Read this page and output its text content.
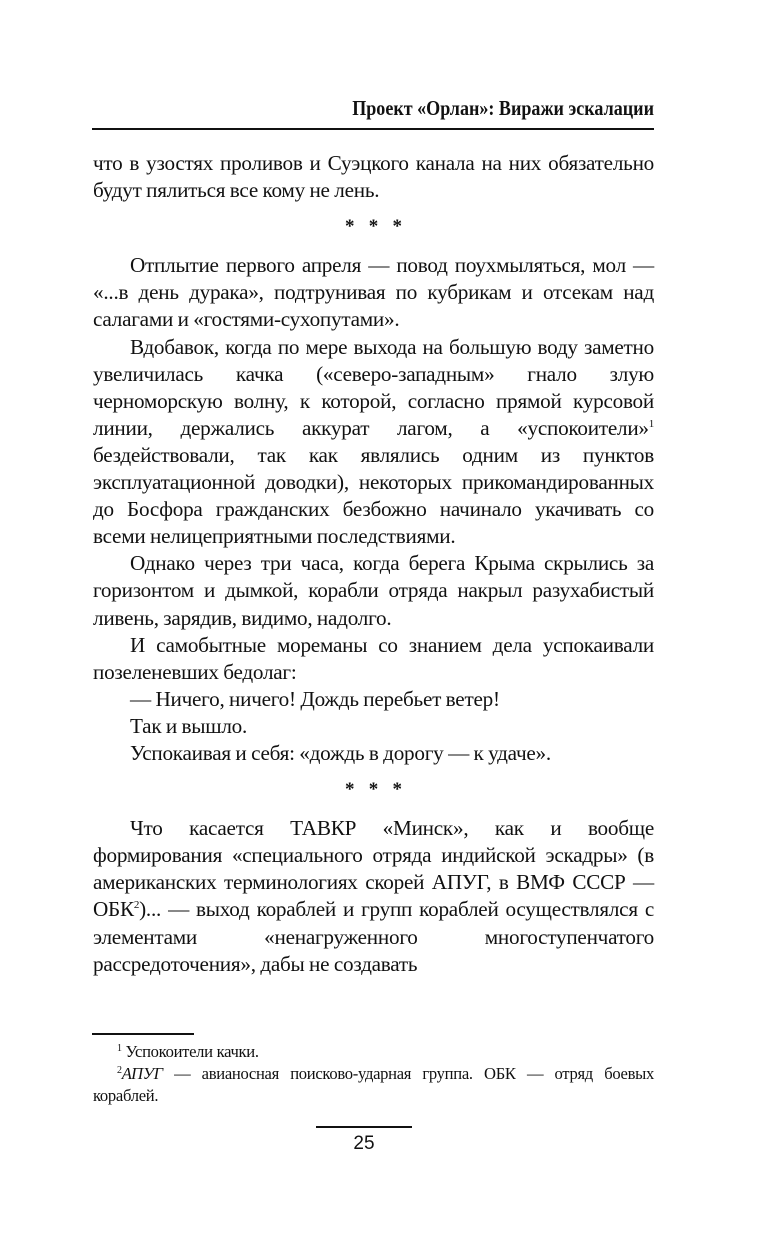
Проект «Орлан»: Виражи эскалации

что в узостях проливов и Суэцкого канала на них обязательно будут пялиться все кому не лень.

* * *

Отплытие первого апреля — повод поухмыляться, мол — «...в день дурака», подтрунивая по кубрикам и отсекам над салагами и «гостями-сухопутами».

Вдобавок, когда по мере выхода на большую воду заметно увеличилась качка («северо-западным» гнало злую черноморскую волну, к которой, согласно прямой курсовой линии, держались аккурат лагом, а «успокоители»$^1$ бездействовали, так как являлись одним из пунктов эксплуатационной доводки), некоторых прикомандированных до Босфора гражданских безбожно начинало укачивать со всеми нелицеприятными последствиями.

Однако через три часа, когда берега Крыма скрылись за горизонтом и дымкой, корабли отряда накрыл разухабистый ливень, зарядив, видимо, надолго.

И самобытные мореманы со знанием дела успокаивали позеленевших бедолаг:

— Ничего, ничего! Дождь перебьет ветер!

Так и вышло.

Успокаивая и себя: «дождь в дорогу — к удаче».

* * *

Что касается ТАВКР «Минск», как и вообще формирования «специального отряда индийской эскадры» (в американских терминологиях скорей АПУГ, в ВМФ СССР — ОБК$^2$)... — выход кораблей и групп кораблей осуществлялся с элементами «ненагруженного многоступенчатого рассредоточения», дабы не создавать

$^1$ Успокоители качки.

$^2$АПУГ — авианосная поисково-ударная группа. ОБК — отряд боевых кораблей.

25
